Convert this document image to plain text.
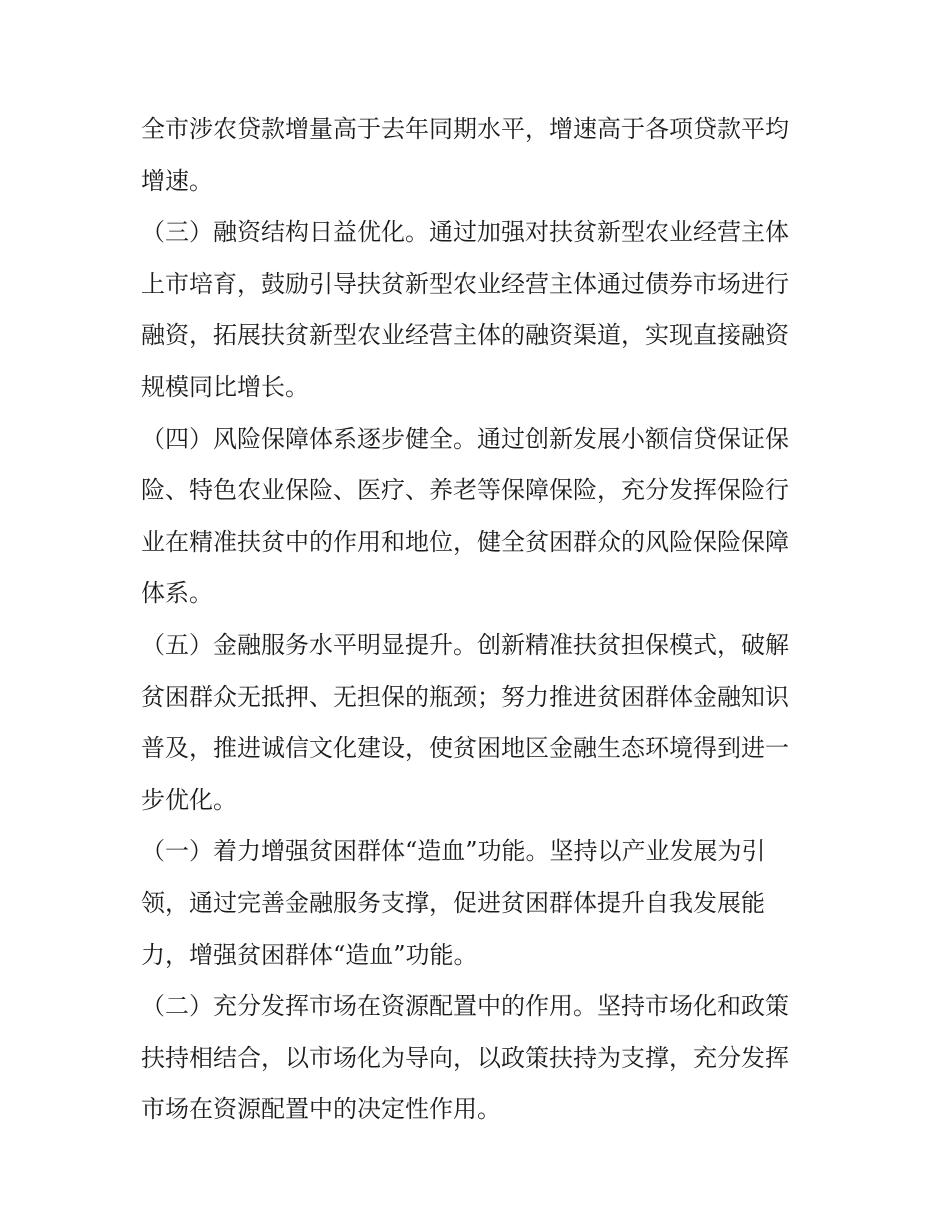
全市涉农贷款增量高于去年同期水平，增速高于各项贷款平均
增速。
（三）融资结构日益优化。通过加强对扶贫新型农业经营主体
上市培育，鼓励引导扶贫新型农业经营主体通过债券市场进行
融资，拓展扶贫新型农业经营主体的融资渠道，实现直接融资
规模同比增长。
（四）风险保障体系逐步健全。通过创新发展小额信贷保证保
险、特色农业保险、医疗、养老等保障保险，充分发挥保险行
业在精准扶贫中的作用和地位，健全贫困群众的风险保险保障
体系。
（五）金融服务水平明显提升。创新精准扶贫担保模式，破解
贫困群众无抵押、无担保的瓶颈；努力推进贫困群体金融知识
普及，推进诚信文化建设，使贫困地区金融生态环境得到进一
步优化。
（一）着力增强贫困群体“造血”功能。坚持以产业发展为引
领，通过完善金融服务支撑，促进贫困群体提升自我发展能
力，增强贫困群体“造血”功能。
（二）充分发挥市场在资源配置中的作用。坚持市场化和政策
扶持相结合，以市场化为导向，以政策扶持为支撑，充分发挥
市场在资源配置中的决定性作用。
